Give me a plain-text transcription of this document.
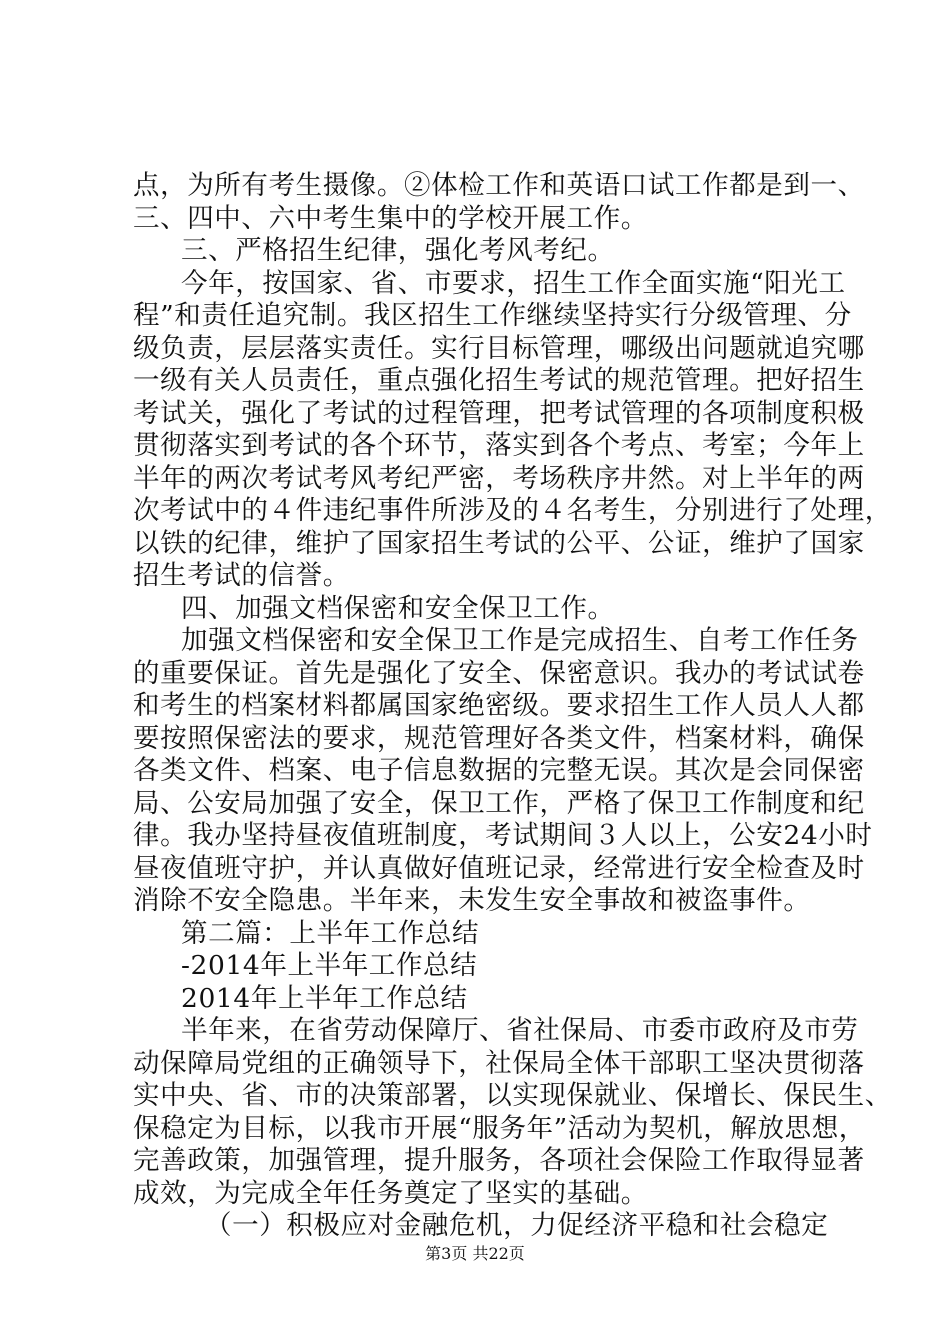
点，为所有考生摄像。②体检工作和英语口试工作都是到一、
三、四中、六中考生集中的学校开展工作。
三、严格招生纪律，强化考风考纪。
今年，按国家、省、市要求，招生工作全面实施“阳光工
程”和责任追究制。我区招生工作继续坚持实行分级管理、分
级负责，层层落实责任。实行目标管理，哪级出问题就追究哪
一级有关人员责任，重点强化招生考试的规范管理。把好招生
考试关，强化了考试的过程管理，把考试管理的各项制度积极
贯彻落实到考试的各个环节，落实到各个考点、考室；今年上
半年的两次考试考风考纪严密，考场秩序井然。对上半年的两
次考试中的４件违纪事件所涉及的４名考生，分别进行了处理，
以铁的纪律，维护了国家招生考试的公平、公证，维护了国家
招生考试的信誉。
四、加强文档保密和安全保卫工作。
加强文档保密和安全保卫工作是完成招生、自考工作任务
的重要保证。首先是强化了安全、保密意识。我办的考试试卷
和考生的档案材料都属国家绝密级。要求招生工作人员人人都
要按照保密法的要求，规范管理好各类文件，档案材料，确保
各类文件、档案、电子信息数据的完整无误。其次是会同保密
局、公安局加强了安全，保卫工作，严格了保卫工作制度和纪
律。我办坚持昼夜值班制度，考试期间３人以上，公安24小时
昼夜值班守护，并认真做好值班记录，经常进行安全检查及时
消除不安全隐患。半年来，未发生安全事故和被盗事件。
第二篇：上半年工作总结
-2014年上半年工作总结
2014年上半年工作总结
半年来，在省劳动保障厅、省社保局、市委市政府及市劳
动保障局党组的正确领导下，社保局全体干部职工坚决贯彻落
实中央、省、市的决策部署，以实现保就业、保增长、保民生、
保稳定为目标，以我市开展“服务年”活动为契机，解放思想，
完善政策，加强管理，提升服务，各项社会保险工作取得显著
成效，为完成全年任务奠定了坚实的基础。
（一）积极应对金融危机，力促经济平稳和社会稳定
第3页 共22页
